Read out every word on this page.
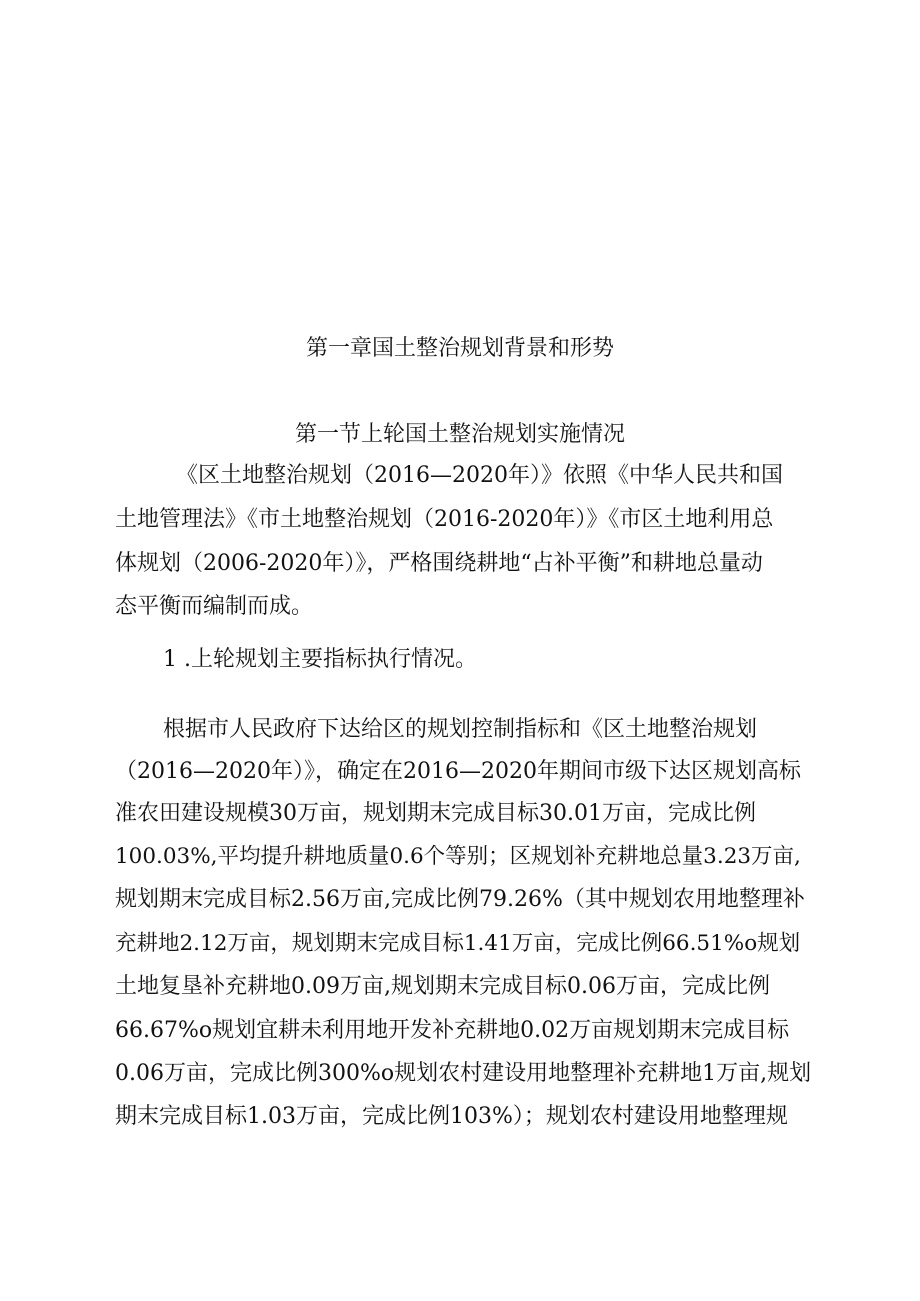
第一章国土整治规划背景和形势
第一节上轮国土整治规划实施情况

《区土地整治规划（2016—2020年）》依照《中华人民共和国

土地管理法》《市土地整治规划（2016-2020年）》《市区土地利用总

体规划（2006-2020年）》，严格围绕耕地“占补平衡”和耕地总量动

态平衡而编制而成。

1 .上轮规划主要指标执行情况。

根据市人民政府下达给区的规划控制指标和《区土地整治规划

（2016—2020年）》，确定在2016—2020年期间市级下达区规划高标

准农田建设规模30万亩，规划期末完成目标30.01万亩，完成比例

100.03%,平均提升耕地质量0.6个等别；区规划补充耕地总量3.23万亩,

规划期末完成目标2.56万亩,完成比例79.26%（其中规划农用地整理补

充耕地2.12万亩，规划期末完成目标1.41万亩，完成比例66.51%o规划

土地复垦补充耕地0.09万亩,规划期末完成目标0.06万亩，完成比例

66.67%o规划宜耕未利用地开发补充耕地0.02万亩规划期末完成目标

0.06万亩，完成比例300%o规划农村建设用地整理补充耕地1万亩,规划

期末完成目标1.03万亩，完成比例103%）；规划农村建设用地整理规
